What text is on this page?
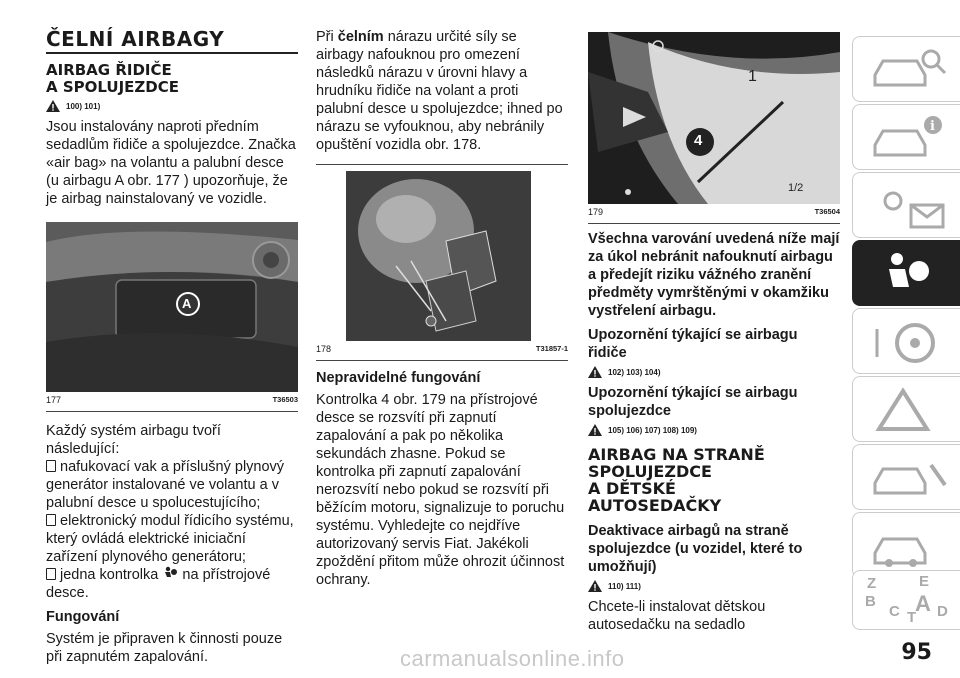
ČELNÍ AIRBAGY
AIRBAG ŘIDIČE
A SPOLUJEZDCE
100) 101)

Jsou instalovány naproti předním sedadlům řidiče a spolujezdce. Značka «air bag» na volantu a palubní desce (u airbagu A obr. 177 ) upozorňuje, že je airbag nainstalovaný ve vozidle.

A
177	T36503

Každý systém airbagu tvoří následující:

nafukovací vak a příslušný plynový generátor instalované ve volantu a v palubní desce u spolucestujícího;

elektronický modul řídicího systému, který ovládá elektrické iniciační zařízení plynového generátoru;

jedna kontrolka na přístrojové desce.

Fungování

Systém je připraven k činnosti pouze při zapnutém zapalování.

Při čelním nárazu určité síly se airbagy nafouknou pro omezení následků nárazu v úrovni hlavy a hrudníku řidiče na volant a proti palubní desce u spolujezdce; ihned po nárazu se vyfouknou, aby nebránily opuštění vozidla obr. 178.

178	T31857-1
Nepravidelné fungování

Kontrolka 4 obr. 179 na přístrojové desce se rozsvítí při zapnutí zapalování a pak po několika sekundách zhasne. Pokud se kontrolka při zapnutí zapalování nerozsvítí nebo pokud se rozsvítí při běžícím motoru, signalizuje to poruchu systému. Vyhledejte co nejdříve autorizovaný servis Fiat. Jakékoli zpoždění přitom může ohrozit účinnost ochrany.

1
1/2
4
179	T36504

Všechna varování uvedená níže mají za úkol nebránit nafouknutí airbagu a předejít riziku vážného zranění předměty vymrštěnými v okamžiku vystřelení airbagu.

Upozornění týkající se airbagu řidiče
102) 103) 104)
Upozornění týkající se airbagu spolujezdce
105) 106) 107) 108) 109)
AIRBAG NA STRANĚ
SPOLUJEZDCE
A DĚTSKÉ
AUTOSEDAČKY
Deaktivace airbagů na straně spolujezdce (u vozidel, které to umožňují)
110) 111)

Chcete-li instalovat dětskou autosedačku na sedadlo

i
Z	E
B
C T
A D
carmanualsonline.info	95
